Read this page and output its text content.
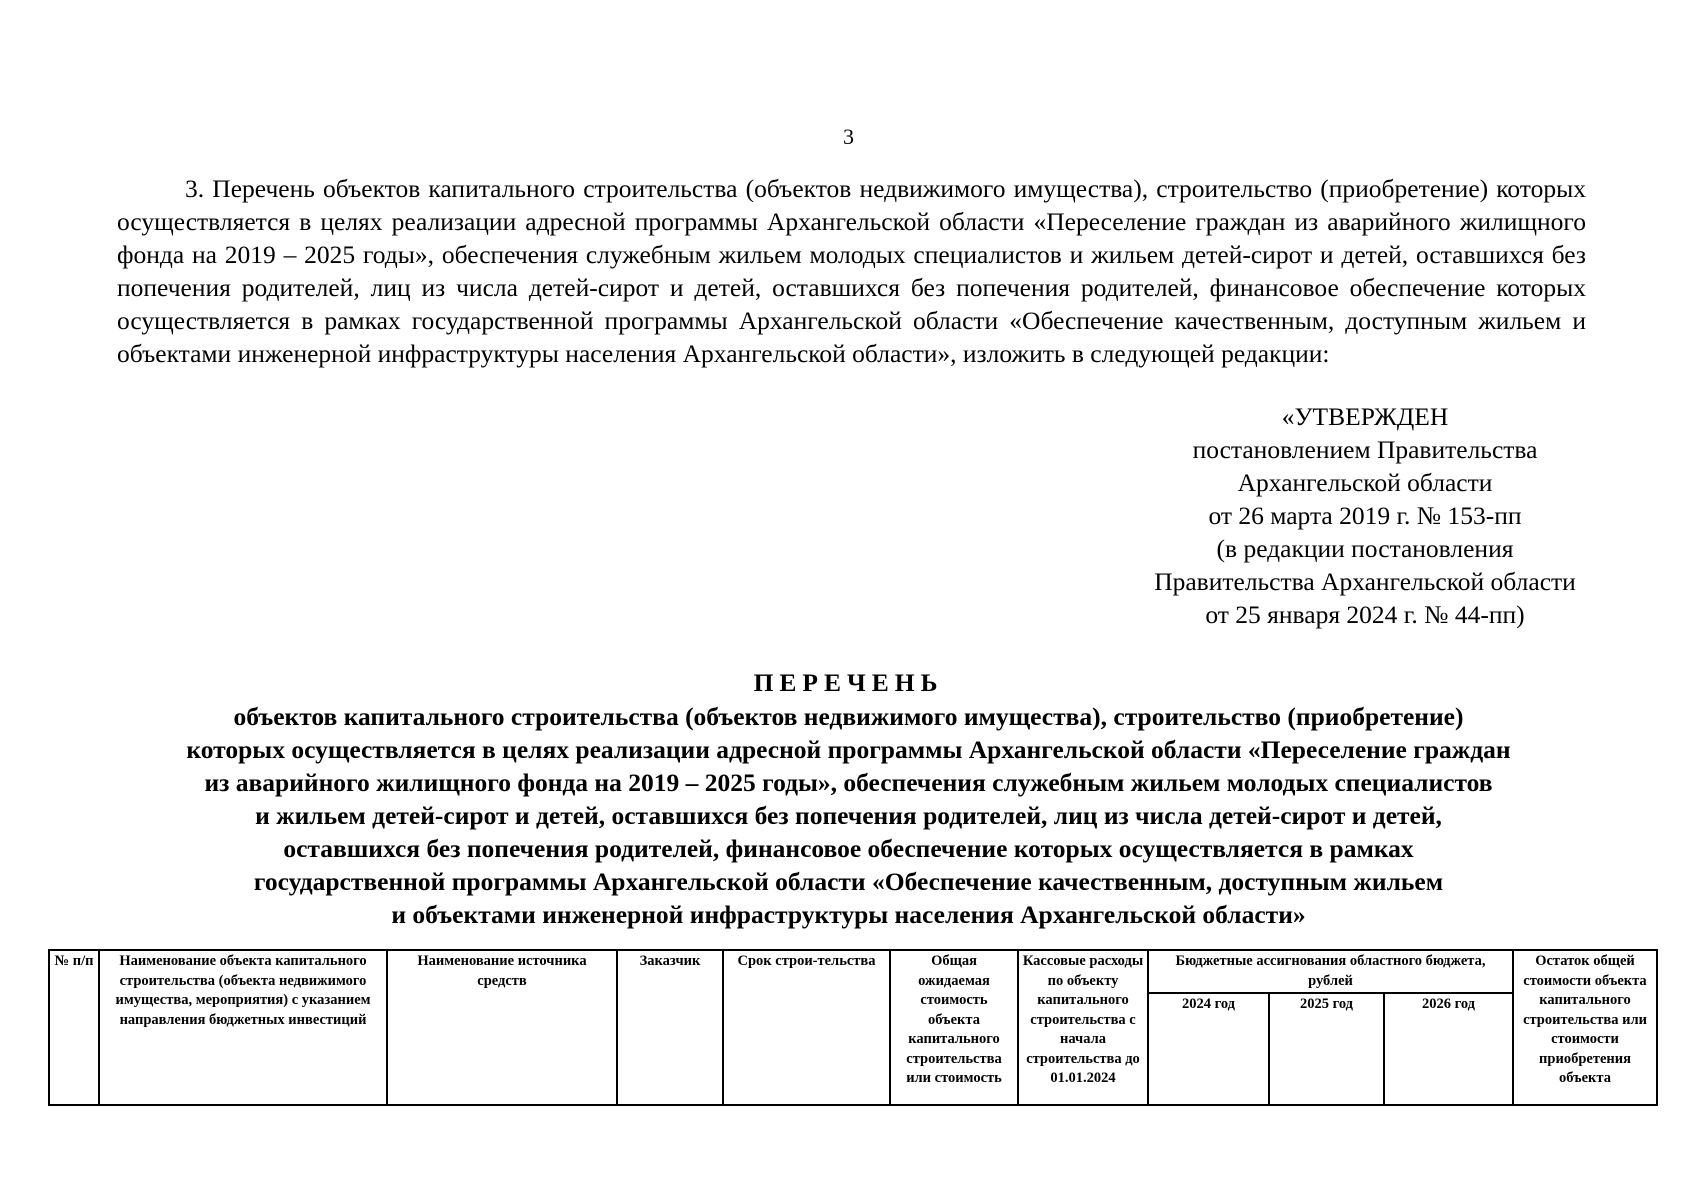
3

3. Перечень объектов капитального строительства (объектов недвижимого имущества), строительство (приобретение) которых осуществляется в целях реализации адресной программы Архангельской области «Переселение граждан из аварийного жилищного фонда на 2019 – 2025 годы», обеспечения служебным жильем молодых специалистов и жильем детей-сирот и детей, оставшихся без попечения родителей, лиц из числа детей-сирот и детей, оставшихся без попечения родителей, финансовое обеспечение которых осуществляется в рамках государственной программы Архангельской области «Обеспечение качественным, доступным жильем и объектами инженерной инфраструктуры населения Архангельской области», изложить в следующей редакции:

«УТВЕРЖДЕН
постановлением Правительства
Архангельской области
от 26 марта 2019 г. № 153-пп
(в редакции постановления
Правительства Архангельской области
от 25 января 2024 г. № 44-пп)
ПЕРЕЧЕНЬ
объектов капитального строительства (объектов недвижимого имущества), строительство (приобретение)
которых осуществляется в целях реализации адресной программы Архангельской области «Переселение граждан
из аварийного жилищного фонда на 2019 – 2025 годы», обеспечения служебным жильем молодых специалистов
и жильем детей-сирот и детей, оставшихся без попечения родителей, лиц из числа детей-сирот и детей,
оставшихся без попечения родителей, финансовое обеспечение которых осуществляется в рамках
государственной программы Архангельской области «Обеспечение качественным, доступным жильем
и объектами инженерной инфраструктуры населения Архангельской области»
№ п/п	Наименование объекта капитального строительства (объекта недвижимого имущества, мероприятия) с указанием направления бюджетных инвестиций	Наименование источника средств	Заказчик	Срок строи-тельства	Общая ожидаемая стоимость объекта капитального строительства или стоимость	Кассовые расходы по объекту капитального строительства с начала строительства до 01.01.2024	Бюджетные ассигнования областного бюджета, рублей			Остаток общей стоимости объекта капитального строительства или стоимости приобретения объекта
							2024 год	2025 год	2026 год	
